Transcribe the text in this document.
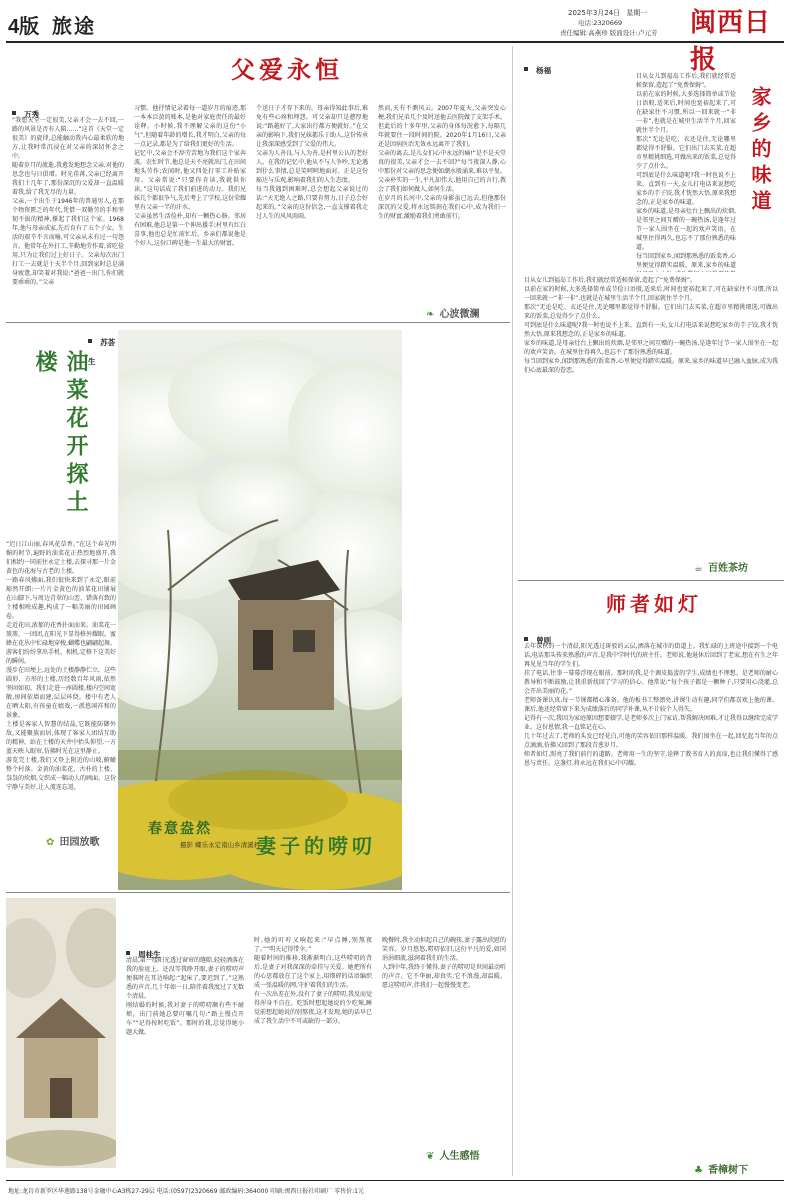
4版 旅途
2025年3月24日 星期一
电话:2320669
责任编辑:高燕珍 版面设计:卢元芳 闽西日报
父爱永恒
万秀
“我想天堂一定很美,父亲才会一去不回,一路的风景是否有人陪……”这首《天堂一定很美》的旋律,总能触动我内心最柔软的地方,让我时常沉浸在对父亲的深切怀念之中。
随着岁月的流逝,我愈发地想念父亲,对他的思念也与日俱增。时光荏苒,父亲已经离开我们十几年了,那份深沉的父爱却一直温暖着我,给了我无尽的力量。
父亲,一个出生于1946年的普通男人,在那个物资匮乏的年代,凭借一双勤劳的手和坚韧不拔的精神,撑起了我们这个家。1968年,他与母亲成家,先后育有了五个子女。生活的艰辛不言而喻,可父亲从未有过一句怨言。他常年在外打工,辛勤地劳作着,省吃俭用,只为让我们过上好日子。父亲每次出门打工一去就是十天半个月,回到家时总是满身疲惫,却笑着对我说:“爸爸一出门,你们就要乖乖的。”父亲
习惯。他抒情记录着每一道岁月的痕迹,那一本本泛黄的账本,是他对家庭责任的最好诠释。小时候,我不理解父亲的这份“小气”,但随着年龄的增长,我才明白,父亲的每一点记录,都是为了给我们更好的生活。
记忆中,父亲会不辞劳苦地为我们这个家奔波。农忙时节,他总是天不亮就出门,在田间地头劳作;农闲时,他又四处打零工补贴家用。父亲常说:“只要你肯读,我就供你读。”这句话成了我们前进的动力。我们兄妹几个都很争气,先后考上了学校,这份荣耀里有父亲一半的汗水。
父亲虽然生活俭朴,却有一颗热心肠。邻居有困难,他总是第一个伸出援手;村里有红白喜事,他也总是忙前忙后。乡亲们都说他是个好人,这份口碑是他一生最大的财富。
个送日子才存下来的。母亲得知此事后,难免有些心疼和埋怨。可父亲却只是憨厚地说:“路越好了,大家出行都方便就好。”在父亲的影响下,我们兄妹都乐于助人,这份传承让我深深感受到了父爱的伟大。
父亲为人善良,与人为善,是村里公认的老好人。在我的记忆中,他从不与人争吵,无论遇到什么事情,总是笑呵呵地面对。正是这份豁达与乐观,影响着我们的人生态度。
每当我遇到困难时,总会想起父亲说过的话:“天无绝人之路,只要肯努力,日子总会好起来的。”父亲的这份信念,一直支撑着我走过人生的风风雨雨。
然而,天有不测风云。2007年夏天,父亲突发心梗,我们兄弟几个及时送他去医院做了支架手术。但此后的十多年里,父亲的身体每况愈下,每隔几年就要住一段时间的院。2020年1月16日,父亲还是因病医治无效永远离开了我们。
父亲的离去,是儿女们心中永远的痛!“是不是天堂真的很美,父亲才会一去不回?”每当夜深人静,心中那份对父亲的思念便如潮水般涌来,难以平复。父亲朴实的一生,平凡却伟大,他用自己的言行,教会了我们如何做人,如何生活。
在岁月的长河中,父亲的身影虽已远去,但他那份深沉的父爱,将永远铭刻在我们心中,成为我们一生的财富,激励着我们勇敢前行。
❧ 心波微澜
杨福
家乡的味道
目从女儿到福岛工作后,我们就经常适候保留,造起了“免费保姆”。
以前在家的时候,大多选择简单或节俭日语般,适来后,时间也宽裕起来了,可在缺家往不习惯,所以一回来就一“非一非”,也就是在城里生活半个月,回家就住半个月。
那次“无论是吃、衣还是住,无论哪里都觉得不舒服。它们出门去买菜,在超市里精挑细选,可做出来的饭菜,总觉得少了点什么。
可到底是什么味道呢?我一时也说不上来。直到有一天,女儿打电话来说想吃家乡的芋子饺,我才恍然大悟,原来我想念的,正是家乡的味道。
家乡的味道,是母亲灶台上飘出的炊烟,是邻里之间互赠的一碗热汤,是逢年过节一家人围坐在一起的欢声笑语。在城里住得再久,也忘不了那份熟悉的味道。
每当回到家乡,闻到那熟悉的饭菜香,心里便觉得踏实温暖。原来,家乡的味道
目从女儿到福岛工作后,我们就经常适候保留,造起了“免费保姆”。
以前在家的时候,大多选择简单或节俭日语般,适来后,时间也宽裕起来了,可在缺家往不习惯,所以一回来就一“非一非”,也就是在城里生活半个月,回家就住半个月。
那次“无论是吃、衣还是住,无论哪里都觉得不舒服。它们出门去买菜,在超市里精挑细选,可做出来的饭菜,总觉得少了点什么。
可到底是什么味道呢?我一时也说不上来。直到有一天,女儿打电话来说想吃家乡的芋子饺,我才恍然大悟,原来我想念的,正是家乡的味道。
家乡的味道,是母亲灶台上飘出的炊烟,是邻里之间互赠的一碗热汤,是逢年过节一家人围坐在一起的欢声笑语。在城里住得再久,也忘不了那份熟悉的味道。
每当回到家乡,闻到那熟悉的饭菜香,心里便觉得踏实温暖。原来,家乡的味道早已融入血脉,成为我们心底最深的眷恋。
☕ 百姓茶坊
春意盎然
摄影 蝶乐永定南山乡清溪村
苏荟生
油菜花开探土楼
“迟日江山丽,春风花草香。”在这个春光明媚的时节,遍野的油菜花正热烈地盛开,我们相约一同前往永定土楼,去探寻那一片金黄色的花海与古老的土楼。
一路春风拂面,我们很快来到了永定,眼前豁然开朗:一片片金黄色的油菜花田铺展在山脚下,与周边青翠的山峦、错落有致的土楼相映成趣,构成了一幅美丽的田园画卷。
走近花田,浓郁的花香扑面而来。油菜花一簇簇、一团团,在阳光下显得格外耀眼。蜜蜂在花丛中忙碌地穿梭,蝴蝶也翩翩起舞。游客们纷纷拿出手机、相机,定格下这美好的瞬间。
漫步在田埂上,远处的土楼静静伫立。这些圆形、方形的土楼,历经数百年风雨,依然坚固如初。我们走进一座圆楼,楼内空间宽敞,房间依墙而建,层层环绕。楼中有老人在晒太阳,有孩童在嬉戏,一派悠闲祥和的景象。
土楼是客家人智慧的结晶,它既能防御外敌,又能聚族而居,体现了客家人团结互助的精神。站在土楼的天井中抬头仰望,一方蓝天映入眼帘,仿佛时光在这里静止。
游览完土楼,我们又登上附近的山坡,俯瞰整个村落。金黄的油菜花、古朴的土楼、袅袅的炊烟,交织成一幅动人的画面。这份宁静与美好,让人流连忘返。
✿ 田园放歌
师者如灯
曾则
去年深秋的一个清晨,阳光透过斑驳的云层,洒落在城市的街道上。我忙碌的上班途中接到一个电话,电话那头传来熟悉的声音,是我中学时代的班主任。老师说,他退休后回到了老家,想在有生之年再见见当年的学生们。
挂了电话,往事一幕幕浮现在眼前。那时的我,是个调皮捣蛋的学生,成绩也不理想。是老师的耐心教导和不断鼓励,让我重新找回了学习的信心。他常说:“每个孩子都是一颗种子,只要用心浇灌,总会开出美丽的花。”
老师备课认真,每一节课都精心准备。他的板书工整漂亮,讲课生动有趣,同学们都喜欢上他的课。课后,他还经常留下来为成绩落后的同学补课,从不计较个人得失。
记得有一次,我因为家庭原因想要辍学,是老师多次上门家访,帮我解决困难,才让我得以继续完成学业。这份恩情,我一直铭记在心。
几十年过去了,老师的头发已经花白,可他的笑容依旧那样温暖。我们围坐在一起,回忆起当年的点点滴滴,仿佛又回到了那段青葱岁月。
师者如灯,照亮了我们前行的道路。老师用一生的坚守,诠释了教书育人的真谛,也让我们懂得了感恩与责任。这盏灯,将永远在我们心中闪耀。
♣ 香樟树下
妻子的唠叨
周桂生
清晨,第一缕阳光透过窗帘的缝隙,轻轻洒落在我的脸庞上。还没等我睁开眼,妻子的唠叨声便准时在耳边响起:“起床了,要迟到了。”这熟悉的声音,几十年如一日,陪伴着我度过了无数个清晨。
刚结婚的时候,我对妻子的唠叨颇有些不耐烦。出门前她总要叮嘱几句:“路上慢点开车”“记得按时吃饭”。那时的我,总觉得她小题大做。
时,她的叮咛又响起来:“早点睡,别熬夜了。”“明天记得带伞。”
随着时间的推移,我渐渐明白,这些唠叨的背后,是妻子对我深深的牵挂与关爱。她把所有的心思都放在了这个家上,用细碎的话语编织成一张温暖的网,守护着我们的生活。
有一次出差在外,没有了妻子的唠叨,我反而觉得浑身不自在。吃饭时想起她说的少吃辣,睡觉前想起她说的别熬夜,这才发现,她的话早已成了我生活中不可或缺的一部分。
晚餐时,我主动担起自己的碗筷,妻子露出欣慰的笑容。岁月悠悠,唠叨依旧,这份平凡的爱,如同涓涓细流,滋润着我们的生活。
人到中年,我终于懂得,妻子的唠叨是世间最动听的声音。它不华丽,却真实;它不浪漫,却温暖。愿这唠叨声,伴我们一起慢慢变老。
❦ 人生感悟
地址:龙岩市新罗区华莲路138号金融中心A3栋27-29层 电话:(0597)2320669 邮政编码:364000 印刷:闽西日报社印刷厂 零售价:1元
